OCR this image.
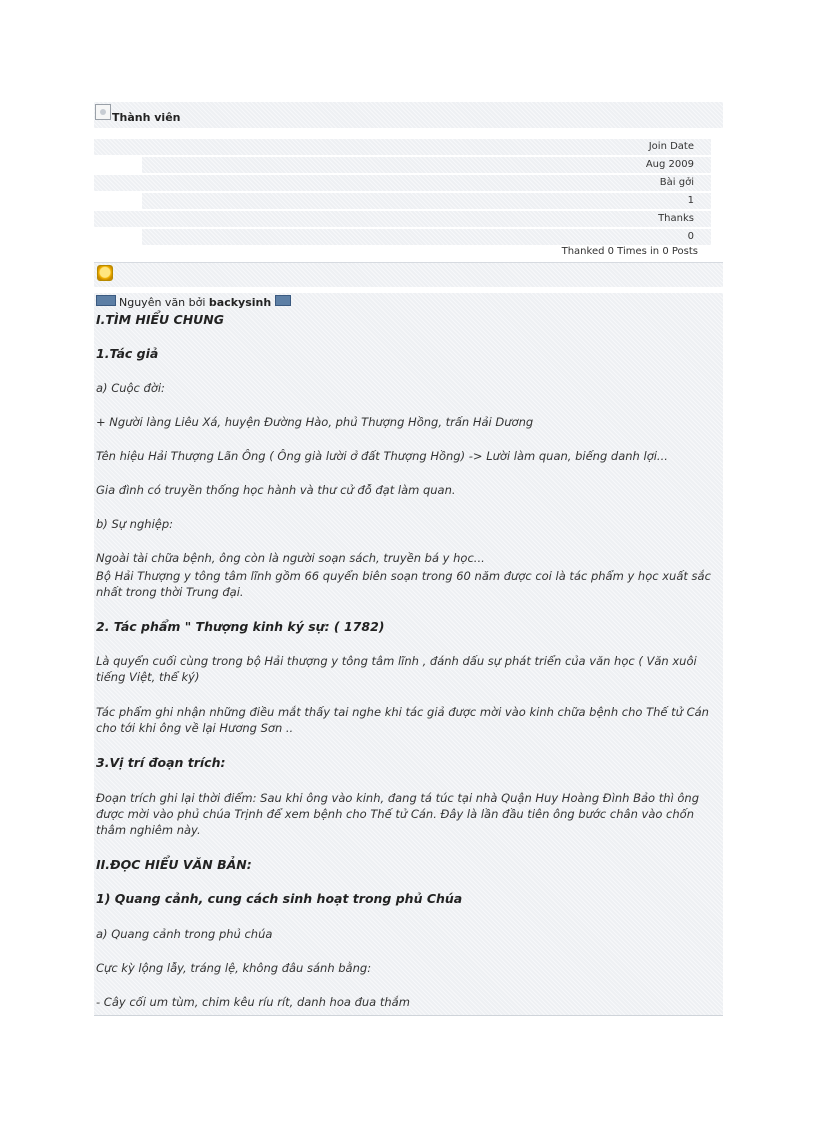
Thành viên
Join Date
Aug 2009
Bài gởi
1
Thanks
0
Thanked 0 Times in 0 Posts
Nguyên văn bởi backysinh
I.TÌM HIỂU CHUNG
1.Tác giả
a) Cuộc đời:
+ Người làng Liêu Xá, huyện Đường Hào, phủ Thượng Hồng, trấn Hải Dương
Tên hiệu Hải Thượng Lãn Ông ( Ông già lười ở đất Thượng Hồng) -> Lười làm quan, biếng danh lợi...
Gia đình có truyền thống học hành và thư cử đỗ đạt làm quan.
b) Sự nghiệp:
Ngoài tài chữa bệnh, ông còn là người soạn sách, truyền bá y học...
Bộ Hải Thượng y tông tâm lĩnh gồm 66 quyển biên soạn trong 60 năm được coi là tác phẩm y học xuất sắc nhất trong thời Trung đại.
2. Tác phẩm " Thượng kinh ký sự: ( 1782)
Là quyển cuối cùng trong bộ Hải thượng y tông tâm lĩnh , đánh dấu sự phát triển của văn học ( Văn xuôi tiếng Việt, thể ký)
Tác phẩm ghi nhận những điều mắt thấy tai nghe khi tác giả được mời vào kinh chữa bệnh cho Thế tử Cán cho tới khi ông về lại Hương Sơn ..
3.Vị trí đoạn trích:
Đoạn trích ghi lại thời điểm: Sau khi ông vào kinh, đang tá túc tại nhà Quận Huy Hoàng Đình Bảo thì ông được mời vào phủ chúa Trịnh để xem bệnh cho Thế tử Cán. Đây là lần đầu tiên ông bước chân vào chốn thâm nghiêm này.
II.ĐỌC HIỂU VĂN BẢN:
1) Quang cảnh, cung cách sinh hoạt trong phủ Chúa
a) Quang cảnh trong phủ chúa
Cực kỳ lộng lẫy, tráng lệ, không đâu sánh bằng:
- Cây cối um tùm, chim kêu ríu rít, danh hoa đua thắm
